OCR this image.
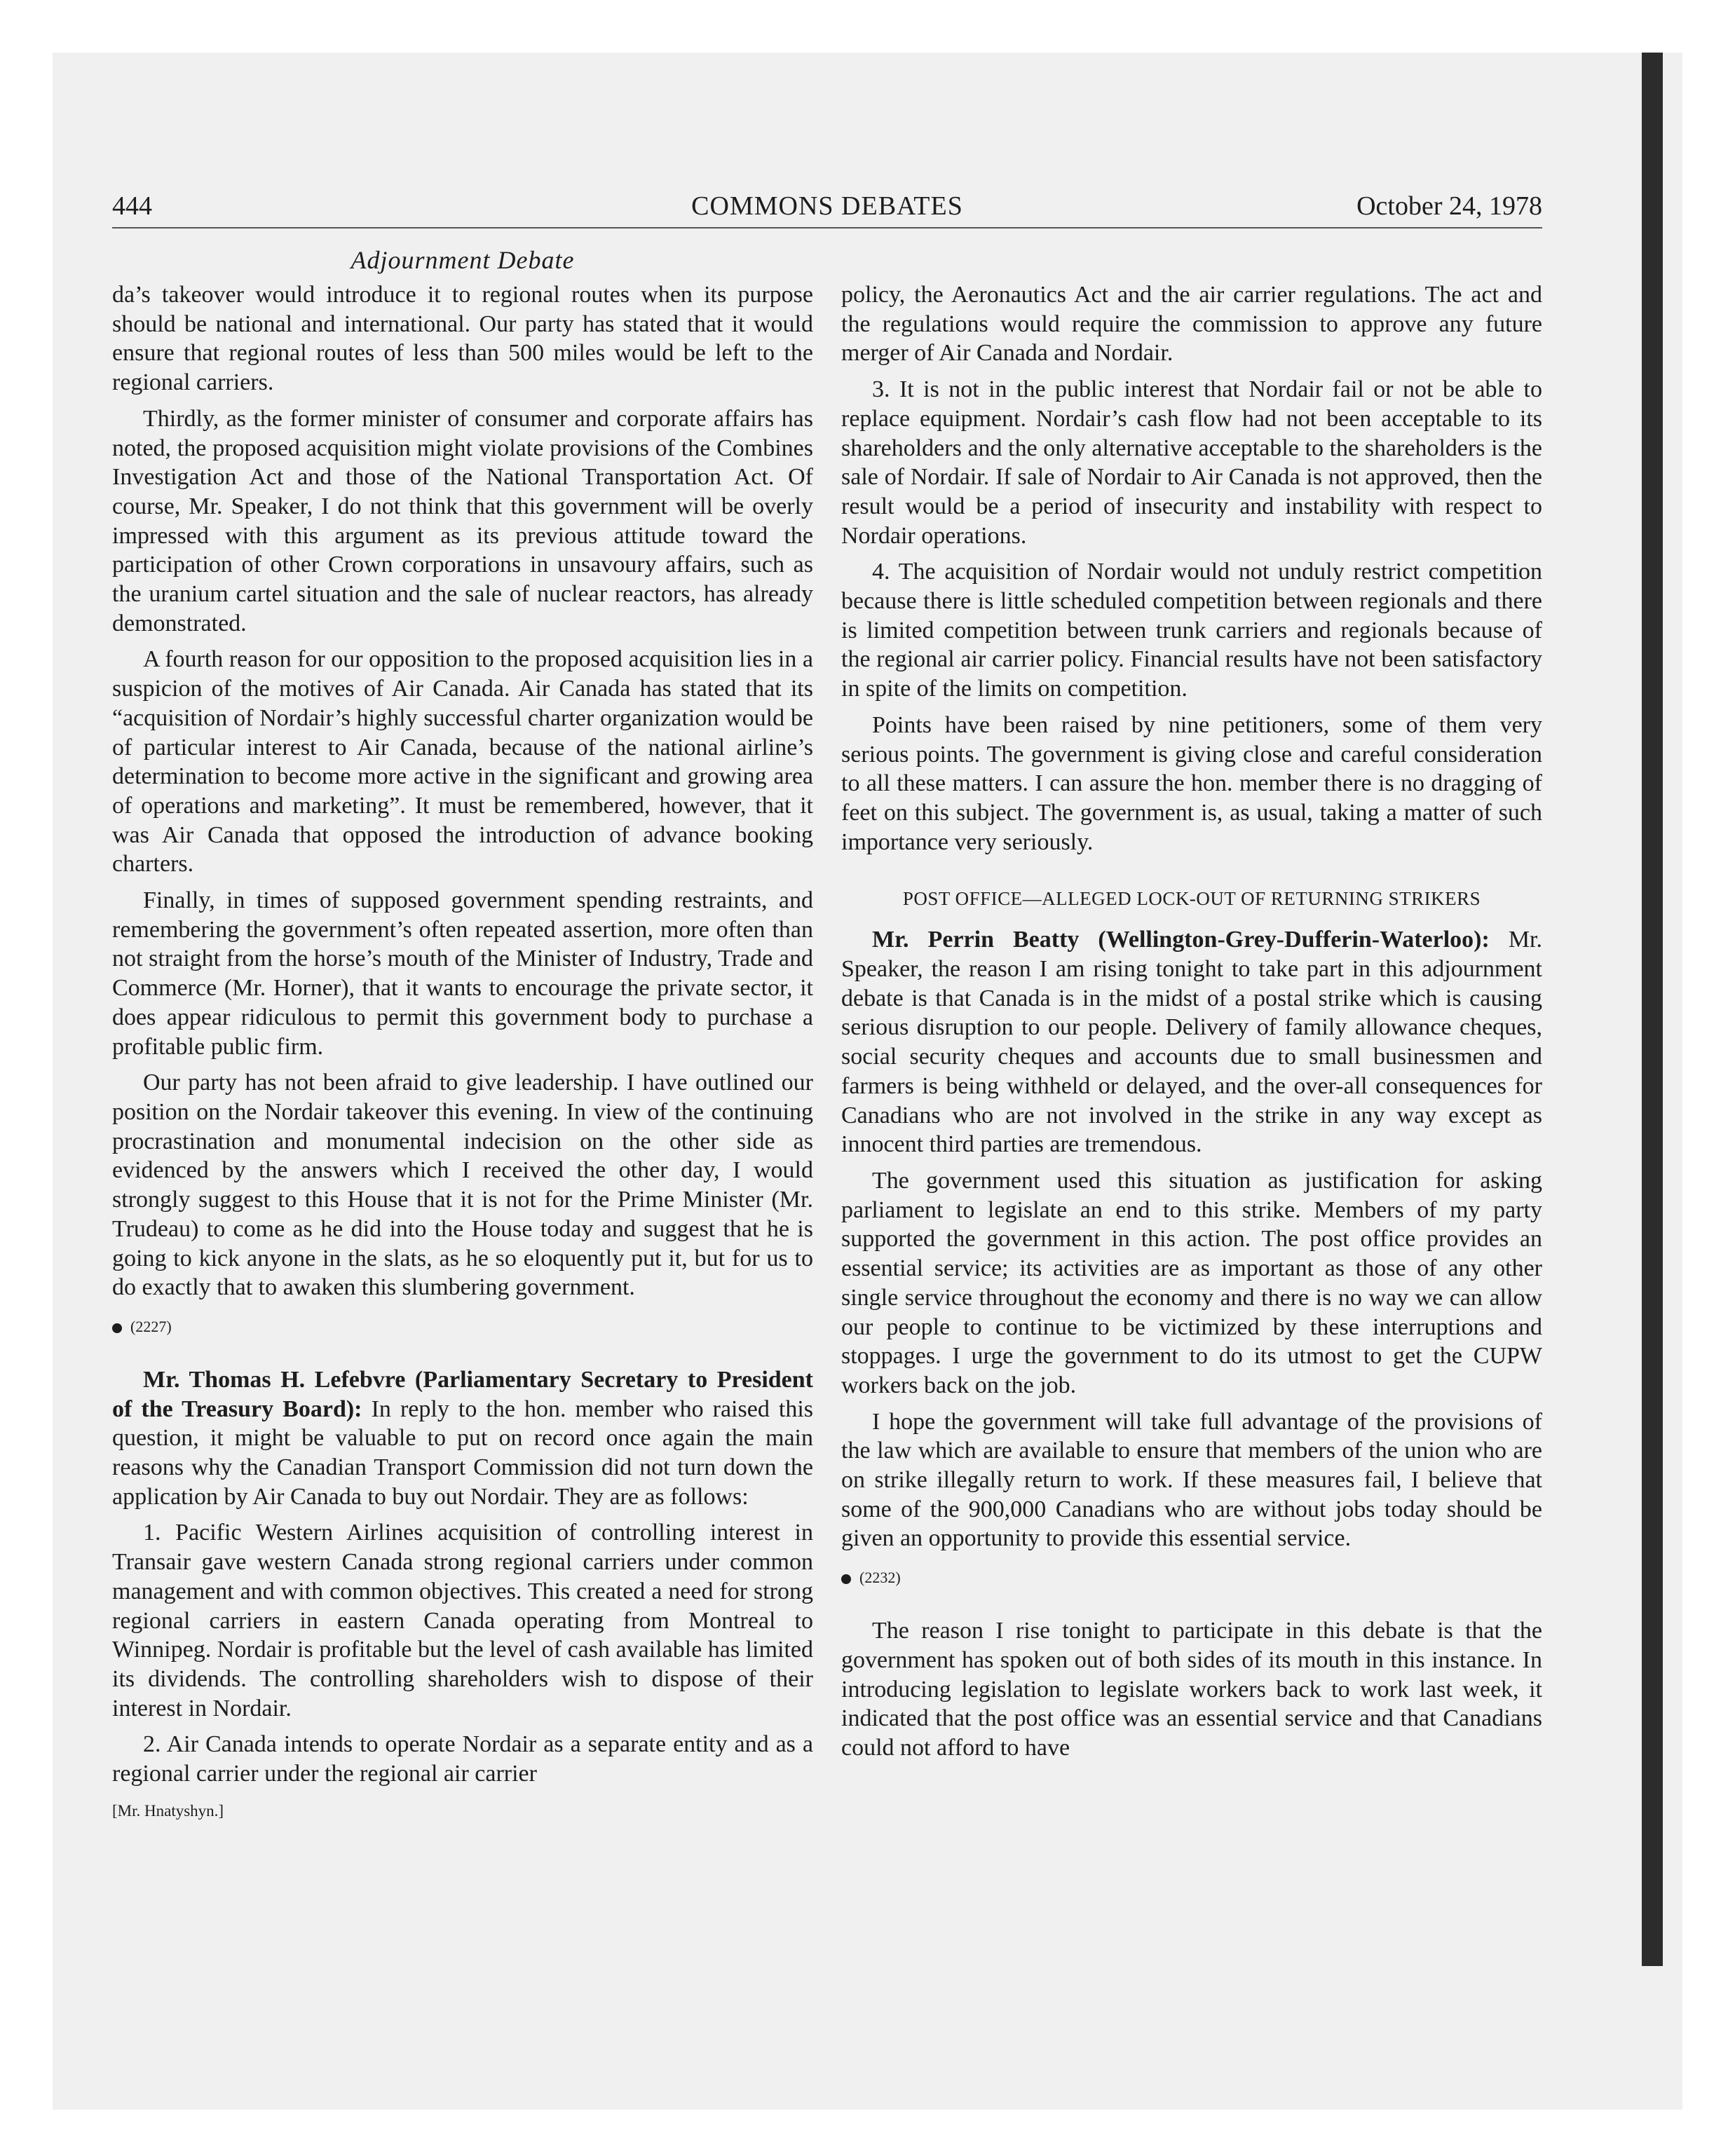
444	COMMONS DEBATES	October 24, 1978
Adjournment Debate

da’s takeover would introduce it to regional routes when its purpose should be national and international. Our party has stated that it would ensure that regional routes of less than 500 miles would be left to the regional carriers.

Thirdly, as the former minister of consumer and corporate affairs has noted, the proposed acquisition might violate provisions of the Combines Investigation Act and those of the National Transportation Act. Of course, Mr. Speaker, I do not think that this government will be overly impressed with this argument as its previous attitude toward the participation of other Crown corporations in unsavoury affairs, such as the uranium cartel situation and the sale of nuclear reactors, has already demonstrated.

A fourth reason for our opposition to the proposed acquisition lies in a suspicion of the motives of Air Canada. Air Canada has stated that its “acquisition of Nordair’s highly successful charter organization would be of particular interest to Air Canada, because of the national airline’s determination to become more active in the significant and growing area of operations and marketing”. It must be remembered, however, that it was Air Canada that opposed the introduction of advance booking charters.

Finally, in times of supposed government spending restraints, and remembering the government’s often repeated assertion, more often than not straight from the horse’s mouth of the Minister of Industry, Trade and Commerce (Mr. Horner), that it wants to encourage the private sector, it does appear ridiculous to permit this government body to purchase a profitable public firm.

Our party has not been afraid to give leadership. I have outlined our position on the Nordair takeover this evening. In view of the continuing procrastination and monumental indecision on the other side as evidenced by the answers which I received the other day, I would strongly suggest to this House that it is not for the Prime Minister (Mr. Trudeau) to come as he did into the House today and suggest that he is going to kick anyone in the slats, as he so eloquently put it, but for us to do exactly that to awaken this slumbering government.

(2227)

Mr. Thomas H. Lefebvre (Parliamentary Secretary to President of the Treasury Board): In reply to the hon. member who raised this question, it might be valuable to put on record once again the main reasons why the Canadian Transport Commission did not turn down the application by Air Canada to buy out Nordair. They are as follows:

1. Pacific Western Airlines acquisition of controlling interest in Transair gave western Canada strong regional carriers under common management and with common objectives. This created a need for strong regional carriers in eastern Canada operating from Montreal to Winnipeg. Nordair is profitable but the level of cash available has limited its dividends. The controlling shareholders wish to dispose of their interest in Nordair.

2. Air Canada intends to operate Nordair as a separate entity and as a regional carrier under the regional air carrier

[Mr. Hnatyshyn.]

policy, the Aeronautics Act and the air carrier regulations. The act and the regulations would require the commission to approve any future merger of Air Canada and Nordair.

3. It is not in the public interest that Nordair fail or not be able to replace equipment. Nordair’s cash flow had not been acceptable to its shareholders and the only alternative acceptable to the shareholders is the sale of Nordair. If sale of Nordair to Air Canada is not approved, then the result would be a period of insecurity and instability with respect to Nordair operations.

4. The acquisition of Nordair would not unduly restrict competition because there is little scheduled competition between regionals and there is limited competition between trunk carriers and regionals because of the regional air carrier policy. Financial results have not been satisfactory in spite of the limits on competition.

Points have been raised by nine petitioners, some of them very serious points. The government is giving close and careful consideration to all these matters. I can assure the hon. member there is no dragging of feet on this subject. The government is, as usual, taking a matter of such importance very seriously.

POST OFFICE—ALLEGED LOCK-OUT OF RETURNING STRIKERS

Mr. Perrin Beatty (Wellington-Grey-Dufferin-Waterloo): Mr. Speaker, the reason I am rising tonight to take part in this adjournment debate is that Canada is in the midst of a postal strike which is causing serious disruption to our people. Delivery of family allowance cheques, social security cheques and accounts due to small businessmen and farmers is being withheld or delayed, and the over-all consequences for Canadians who are not involved in the strike in any way except as innocent third parties are tremendous.

The government used this situation as justification for asking parliament to legislate an end to this strike. Members of my party supported the government in this action. The post office provides an essential service; its activities are as important as those of any other single service throughout the economy and there is no way we can allow our people to continue to be victimized by these interruptions and stoppages. I urge the government to do its utmost to get the CUPW workers back on the job.

I hope the government will take full advantage of the provisions of the law which are available to ensure that members of the union who are on strike illegally return to work. If these measures fail, I believe that some of the 900,000 Canadians who are without jobs today should be given an opportunity to provide this essential service.

(2232)

The reason I rise tonight to participate in this debate is that the government has spoken out of both sides of its mouth in this instance. In introducing legislation to legislate workers back to work last week, it indicated that the post office was an essential service and that Canadians could not afford to have
